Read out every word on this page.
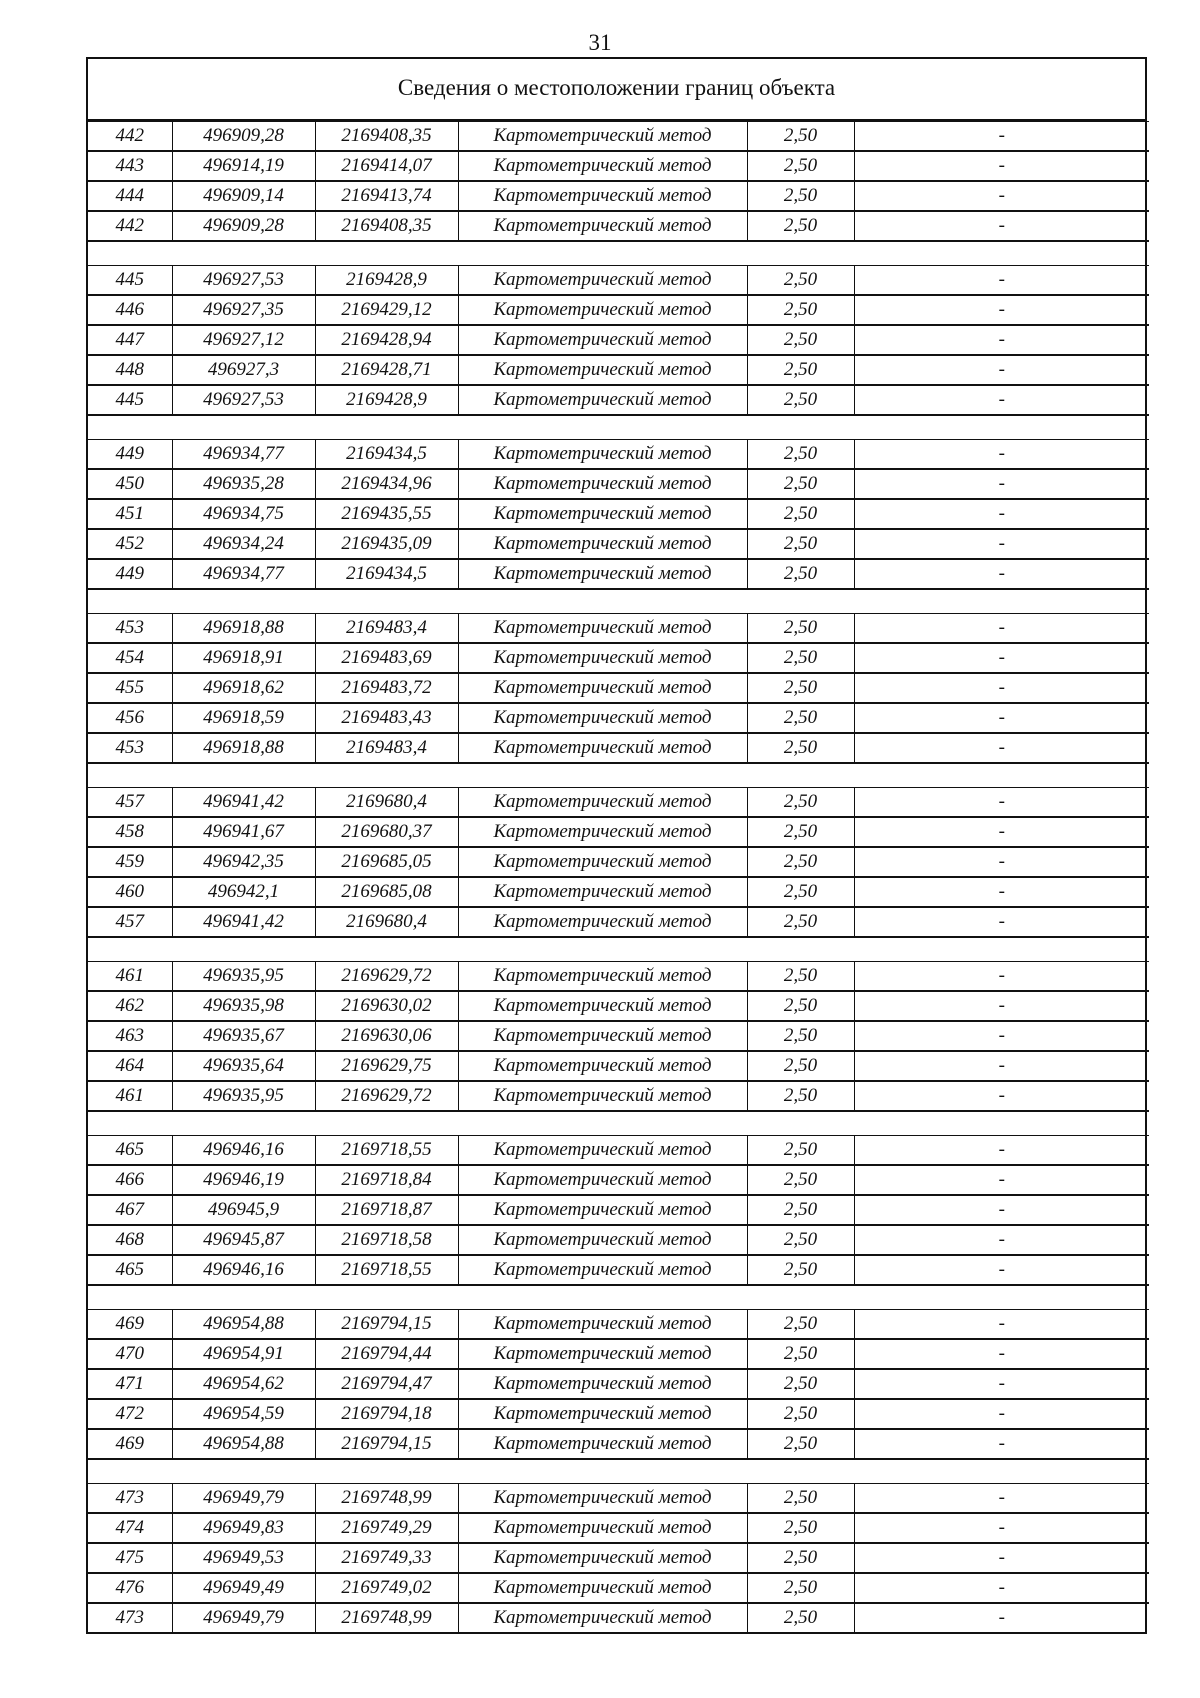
31
Сведения о местоположении границ объекта
442	496909,28	2169408,35	Картометрический метод	2,50	-
443	496914,19	2169414,07	Картометрический метод	2,50	-
444	496909,14	2169413,74	Картометрический метод	2,50	-
442	496909,28	2169408,35	Картометрический метод	2,50	-

445	496927,53	2169428,9	Картометрический метод	2,50	-
446	496927,35	2169429,12	Картометрический метод	2,50	-
447	496927,12	2169428,94	Картометрический метод	2,50	-
448	496927,3	2169428,71	Картометрический метод	2,50	-
445	496927,53	2169428,9	Картометрический метод	2,50	-

449	496934,77	2169434,5	Картометрический метод	2,50	-
450	496935,28	2169434,96	Картометрический метод	2,50	-
451	496934,75	2169435,55	Картометрический метод	2,50	-
452	496934,24	2169435,09	Картометрический метод	2,50	-
449	496934,77	2169434,5	Картометрический метод	2,50	-

453	496918,88	2169483,4	Картометрический метод	2,50	-
454	496918,91	2169483,69	Картометрический метод	2,50	-
455	496918,62	2169483,72	Картометрический метод	2,50	-
456	496918,59	2169483,43	Картометрический метод	2,50	-
453	496918,88	2169483,4	Картометрический метод	2,50	-

457	496941,42	2169680,4	Картометрический метод	2,50	-
458	496941,67	2169680,37	Картометрический метод	2,50	-
459	496942,35	2169685,05	Картометрический метод	2,50	-
460	496942,1	2169685,08	Картометрический метод	2,50	-
457	496941,42	2169680,4	Картометрический метод	2,50	-

461	496935,95	2169629,72	Картометрический метод	2,50	-
462	496935,98	2169630,02	Картометрический метод	2,50	-
463	496935,67	2169630,06	Картометрический метод	2,50	-
464	496935,64	2169629,75	Картометрический метод	2,50	-
461	496935,95	2169629,72	Картометрический метод	2,50	-

465	496946,16	2169718,55	Картометрический метод	2,50	-
466	496946,19	2169718,84	Картометрический метод	2,50	-
467	496945,9	2169718,87	Картометрический метод	2,50	-
468	496945,87	2169718,58	Картометрический метод	2,50	-
465	496946,16	2169718,55	Картометрический метод	2,50	-

469	496954,88	2169794,15	Картометрический метод	2,50	-
470	496954,91	2169794,44	Картометрический метод	2,50	-
471	496954,62	2169794,47	Картометрический метод	2,50	-
472	496954,59	2169794,18	Картометрический метод	2,50	-
469	496954,88	2169794,15	Картометрический метод	2,50	-

473	496949,79	2169748,99	Картометрический метод	2,50	-
474	496949,83	2169749,29	Картометрический метод	2,50	-
475	496949,53	2169749,33	Картометрический метод	2,50	-
476	496949,49	2169749,02	Картометрический метод	2,50	-
473	496949,79	2169748,99	Картометрический метод	2,50	-
